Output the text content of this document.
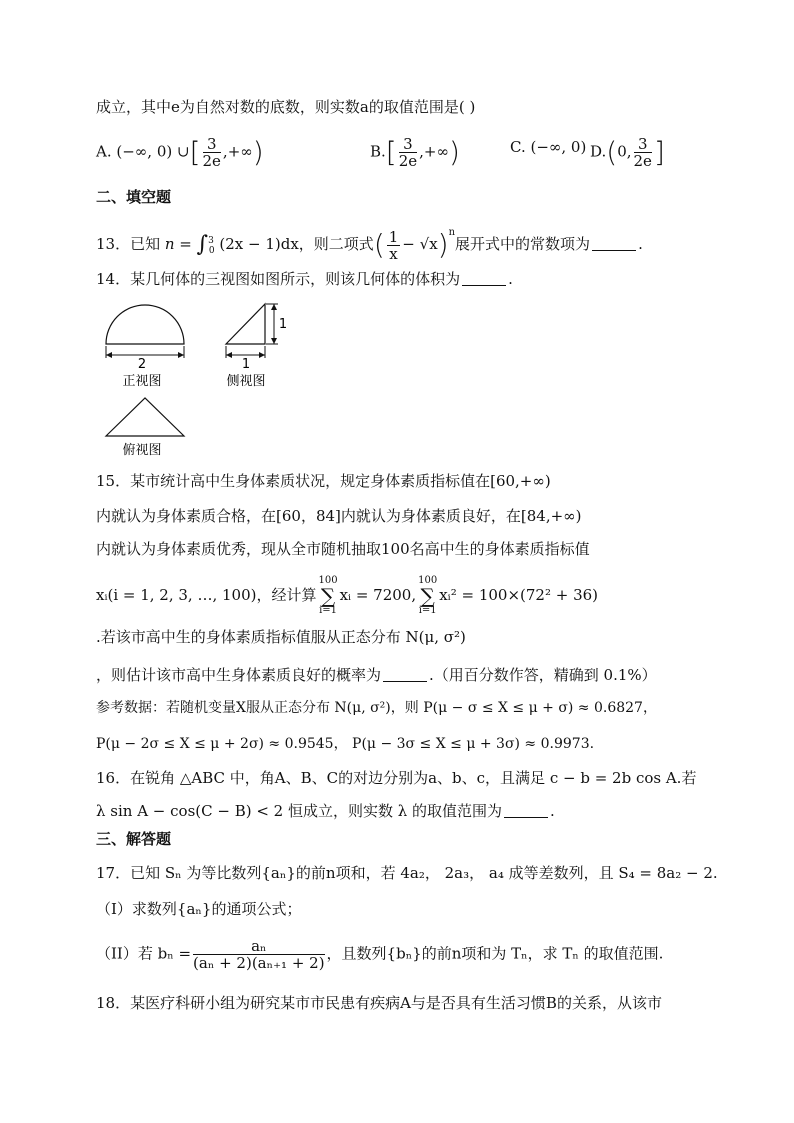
成立，其中e为自然对数的底数，则实数a的取值范围是( )
A. (−∞, 0) ∪[ $\frac{3}{2e}$ ,+∞)	$B.[ \frac{3}{2e}$ ,+∞)	C. (−∞, 0) D.(0, $\frac{3}{2e}$ ]
二、填空题
13．已知 n = ∫$^3_0$ (2x − 1)dx，则二项式( $\frac{1}{x} - √x)^n$展开式中的常数项为	.
14．某几何体的三视图如图所示，则该几何体的体积为	.
2
正视图
1
1
侧视图
俯视图
15．某市统计高中生身体素质状况，规定身体素质指标值在[60,+∞)
内就认为身体素质合格，在[60，84]内就认为身体素质良好，在[84,+∞)
内就认为身体素质优秀，现从全市随机抽取100名高中生的身体素质指标值
xᵢ(i = 1, 2, 3, …, 100)，经计算100
∑
i=1xᵢ = 7200,100
∑
i=1xᵢ² = 100×(72² + 36)
.若该市高中生的身体素质指标值服从正态分布 N(μ, σ²)
，则估计该市高中生身体素质良好的概率为	.（用百分数作答，精确到 0.1%）
参考数据：若随机变量X服从正态分布 N(μ, σ²)，则 P(μ − σ ≤ X ≤ μ + σ) ≈ 0.6827，
P(μ − 2σ ≤ X ≤ μ + 2σ) ≈ 0.9545， P(μ − 3σ ≤ X ≤ μ + 3σ) ≈ 0.9973.
16．在锐角 △ABC 中，角A、B、C的对边分别为a、b、c，且满足 c − b = 2b cos A.若
λ sin A − cos(C − B) < 2 恒成立，则实数 λ 的取值范围为	.
三、解答题
17．已知 Sₙ 为等比数列{aₙ}的前n项和，若 4a₂， 2a₃， a₄ 成等差数列，且 S₄ = 8a₂ − 2.
（I）求数列{aₙ}的通项公式；
（II）若 $b_n = \frac{\text{aₙ}}{\text{(aₙ + 2)(aₙ₊₁ + 2)}}$ ，且数列{bₙ}的前n项和为 Tₙ，求 Tₙ 的取值范围.
18．某医疗科研小组为研究某市市民患有疾病A与是否具有生活习惯B的关系，从该市
